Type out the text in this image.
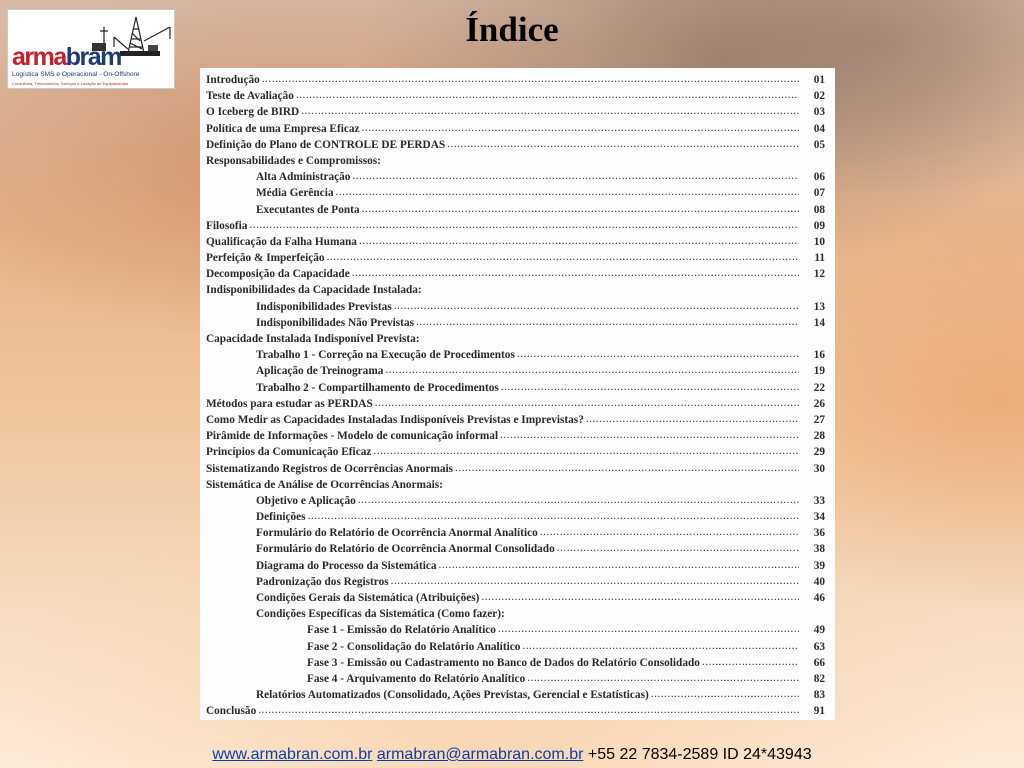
armabram
Logística SMS e Operacional - On-Offshore
Consultoria, Treinamentos, Serviços e Locação de Equipamentos
Índice
Introdução .....	01
Teste de Avaliação .....	02
O Iceberg de BIRD .....	03
Política de uma Empresa Eficaz .....	04
Definição do Plano de CONTROLE DE PERDAS .....	05
Responsabilidades e Compromissos:
Alta Administração .....	06
Média Gerência .....	07
Executantes de Ponta .....	08
Filosofia .....	09
Qualificação da Falha Humana .....	10
Perfeição & Imperfeição .....	11
Decomposição da Capacidade .....	12
Indisponibilidades da Capacidade Instalada:
Indisponibilidades Previstas .....	13
Indisponibilidades Não Previstas .....	14
Capacidade Instalada Indisponível Prevista:
Trabalho 1 - Correção na Execução de Procedimentos .....	16
Aplicação de Treinograma .....	19
Trabalho 2 - Compartilhamento de Procedimentos .....	22
Métodos para estudar as PERDAS .....	26
Como Medir as Capacidades Instaladas Indisponíveis Previstas e Imprevistas? .....	27
Pirâmide de Informações - Modelo de comunicação informal .....	28
Princípios da Comunicação Eficaz .....	29
Sistematizando Registros de Ocorrências Anormais .....	30
Sistemática de Análise de Ocorrências Anormais:
Objetivo e Aplicação .....	33
Definições .....	34
Formulário do Relatório de Ocorrência Anormal Analítico .....	36
Formulário do Relatório de Ocorrência Anormal Consolidado .....	38
Diagrama do Processo da Sistemática .....	39
Padronização dos Registros .....	40
Condições Gerais da Sistemática (Atribuições) .....	46
Condições Específicas da Sistemática (Como fazer):
Fase 1 - Emissão do Relatório Analítico .....	49
Fase 2 - Consolidação do Relatório Analítico .....	63
Fase 3 - Emissão ou Cadastramento no Banco de Dados do Relatório Consolidado .....	66
Fase 4 - Arquivamento do Relatório Analítico .....	82
Relatórios Automatizados (Consolidado, Ações Previstas, Gerencial e Estatísticas) .....	83
Conclusão .....	91
www.armabran.com.br armabran@armabran.com.br +55 22 7834-2589 ID 24*43943
